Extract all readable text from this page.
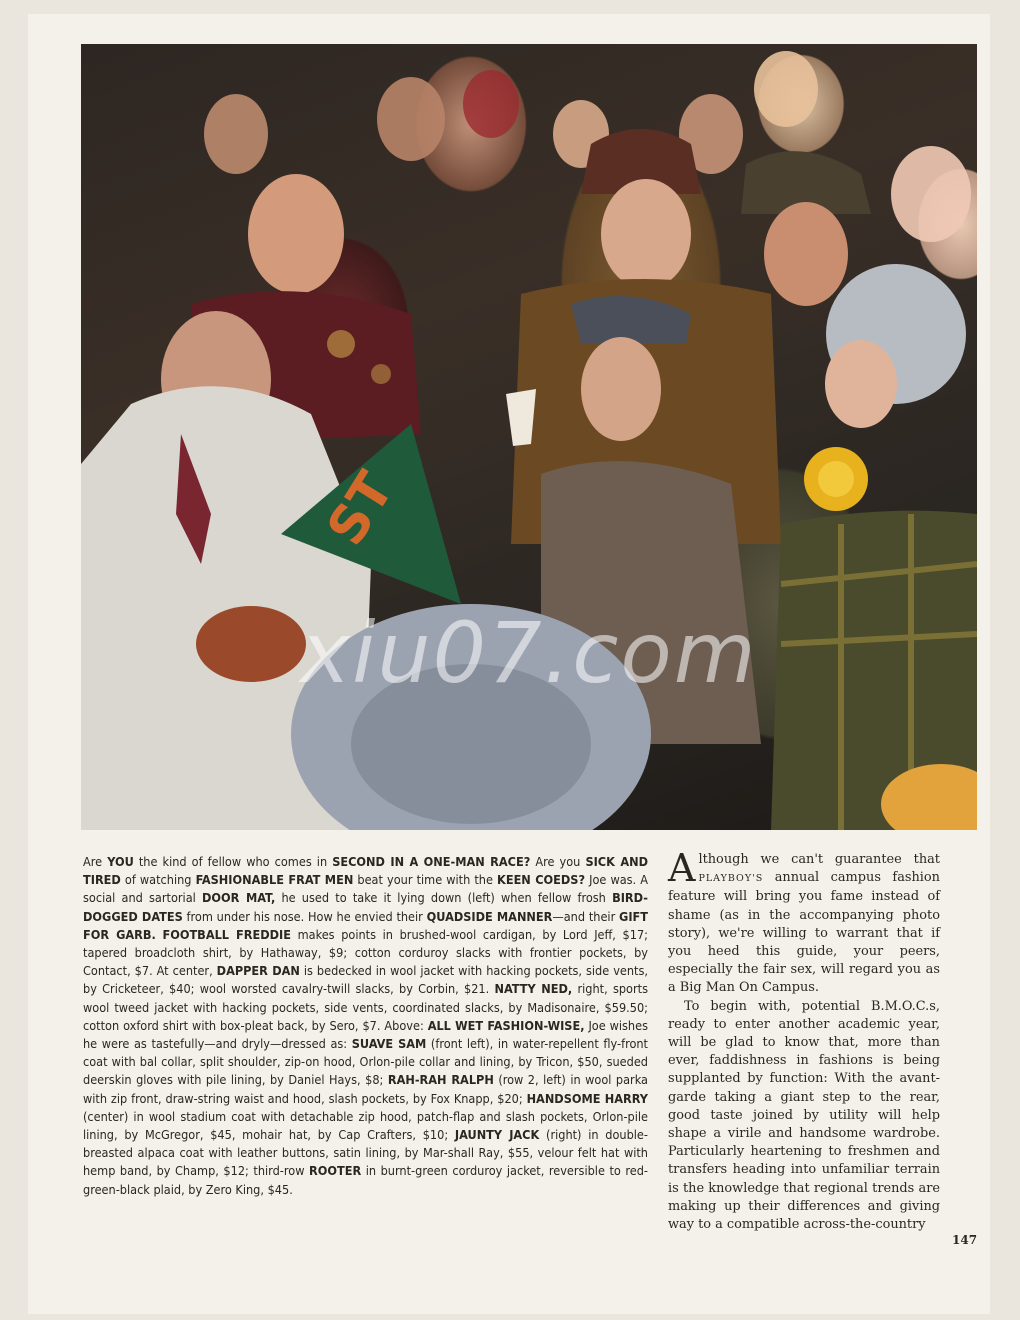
ST
xiu07.com
Are YOU the kind of fellow who comes in SECOND IN A ONE-MAN RACE? Are you SICK AND TIRED of watching FASHIONABLE FRAT MEN beat your time with the KEEN COEDS? Joe was. A social and sartorial DOOR MAT, he used to take it lying down (left) when fellow frosh BIRD-DOGGED DATES from under his nose. How he envied their QUADSIDE MANNER—and their GIFT FOR GARB. FOOTBALL FREDDIE makes points in brushed-wool cardigan, by Lord Jeff, $17; tapered broadcloth shirt, by Hathaway, $9; cotton corduroy slacks with frontier pockets, by Contact, $7. At center, DAPPER DAN is bedecked in wool jacket with hacking pockets, side vents, by Cricketeer, $40; wool worsted cavalry-twill slacks, by Corbin, $21. NATTY NED, right, sports wool tweed jacket with hacking pockets, side vents, coordinated slacks, by Madisonaire, $59.50; cotton oxford shirt with box-pleat back, by Sero, $7. Above: ALL WET FASHION-WISE, Joe wishes he were as tastefully—and dryly—dressed as: SUAVE SAM (front left), in water-repellent fly-front coat with bal collar, split shoulder, zip-on hood, Orlon-pile collar and lining, by Tricon, $50, sueded deerskin gloves with pile lining, by Daniel Hays, $8; RAH-RAH RALPH (row 2, left) in wool parka with zip front, draw-string waist and hood, slash pockets, by Fox Knapp, $20; HANDSOME HARRY (center) in wool stadium coat with detachable zip hood, patch-flap and slash pockets, Orlon-pile lining, by McGregor, $45, mohair hat, by Cap Crafters, $10; JAUNTY JACK (right) in double-breasted alpaca coat with leather buttons, satin lining, by Mar-shall Ray, $55, velour felt hat with hemp band, by Champ, $12; third-row ROOTER in burnt-green corduroy jacket, reversible to red-green-black plaid, by Zero King, $45.

Although we can't guarantee that PLAYBOY'S annual campus fashion feature will bring you fame instead of shame (as in the accompanying photo story), we're willing to warrant that if you heed this guide, your peers, especially the fair sex, will regard you as a Big Man On Campus.

To begin with, potential B.M.O.C.s, ready to enter another academic year, will be glad to know that, more than ever, faddishness in fashions is being supplanted by function: With the avant-garde taking a giant step to the rear, good taste joined by utility will help shape a virile and handsome wardrobe. Particularly heartening to freshmen and transfers heading into unfamiliar terrain is the knowledge that regional trends are making up their differences and giving way to a compatible across-the-country

147
